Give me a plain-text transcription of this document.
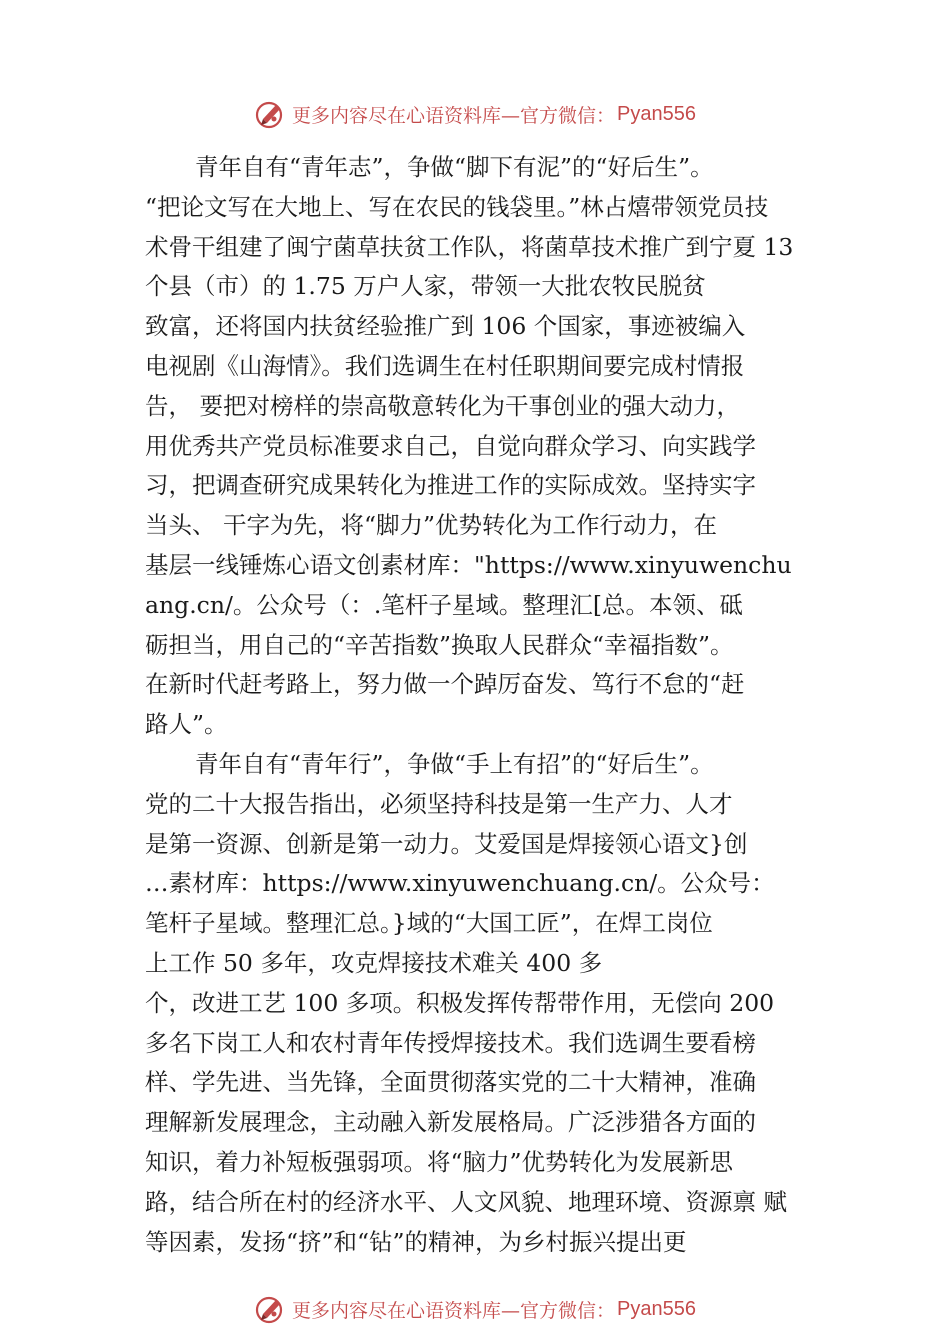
更多内容尽在心语资料库—官方微信： Pyan556
青年自有“青年志”，争做“脚下有泥”的“好后生”。
“把论文写在大地上、写在农民的钱袋里。”林占熺带领党员技
术骨干组建了闽宁菌草扶贫工作队，将菌草技术推广到宁夏 13
个县（市）的 1.75 万户人家，带领一大批农牧民脱贫
致富，还将国内扶贫经验推广到 106 个国家，事迹被编入
电视剧《山海情》。我们选调生在村任职期间要完成村情报
告， 要把对榜样的崇高敬意转化为干事创业的强大动力，
用优秀共产党员标准要求自己，自觉向群众学习、向实践学
习，把调查研究成果转化为推进工作的实际成效。坚持实字
当头、 干字为先，将“脚力”优势转化为工作行动力，在
基层一线锤炼心语文创素材库："https://www.xinyuwenchu
ang.cn/。公众号（：.笔杆子星域。整理汇[总。本领、砥
砺担当，用自己的“辛苦指数”换取人民群众“幸福指数”。
在新时代赶考路上，努力做一个踔厉奋发、笃行不怠的“赶
路人”。
青年自有“青年行”，争做“手上有招”的“好后生”。
党的二十大报告指出，必须坚持科技是第一生产力、人才
是第一资源、创新是第一动力。艾爱国是焊接领心语文}创
…素材库：https://www.xinyuwenchuang.cn/。公众号：
笔杆子星域。整理汇总。}域的“大国工匠”，在焊工岗位
上工作 50 多年，攻克焊接技术难关 400 多
个，改进工艺 100 多项。积极发挥传帮带作用，无偿向 200
多名下岗工人和农村青年传授焊接技术。我们选调生要看榜
样、学先进、当先锋，全面贯彻落实党的二十大精神，准确
理解新发展理念，主动融入新发展格局。广泛涉猎各方面的
知识，着力补短板强弱项。将“脑力”优势转化为发展新思
路，结合所在村的经济水平、人文风貌、地理环境、资源禀 赋
等因素，发扬“挤”和“钻”的精神，为乡村振兴提出更
更多内容尽在心语资料库—官方微信： Pyan556
